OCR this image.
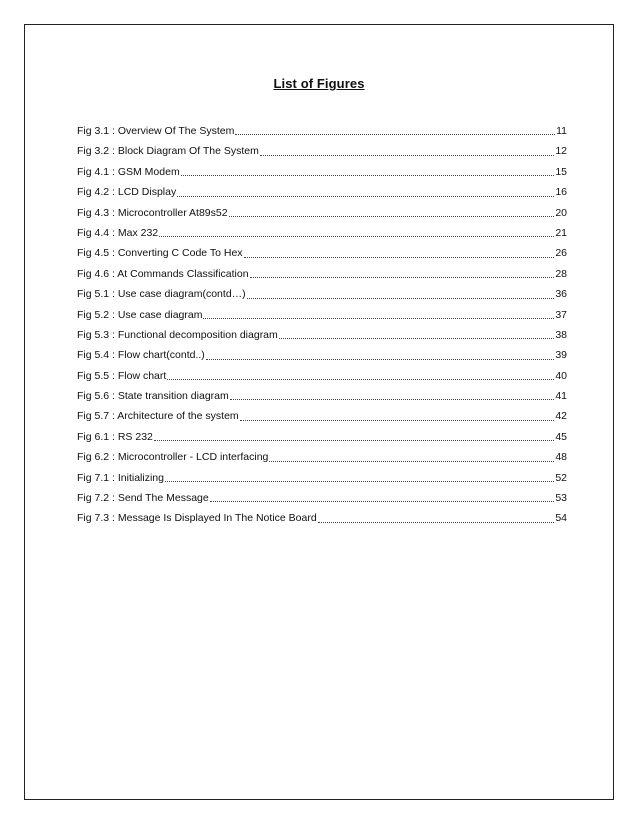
List of Figures
Fig 3.1 : Overview Of The System	11
Fig 3.2 : Block Diagram Of The System	12
Fig 4.1 : GSM Modem	15
Fig 4.2 : LCD Display	16
Fig 4.3 : Microcontroller At89s52	20
Fig 4.4 : Max 232	21
Fig 4.5 : Converting C Code To Hex	26
Fig 4.6 : At Commands Classification	28
Fig 5.1 : Use case diagram(contd…)	36
Fig 5.2 : Use case diagram	37
Fig 5.3 : Functional decomposition diagram	38
Fig 5.4 : Flow chart(contd..)	39
Fig 5.5 : Flow chart	40
Fig 5.6 : State transition diagram	41
Fig 5.7 : Architecture of the system	42
Fig 6.1 : RS 232	45
Fig 6.2 : Microcontroller - LCD interfacing	48
Fig 7.1 : Initializing	52
Fig 7.2 : Send The Message	53
Fig 7.3 : Message Is Displayed In The Notice Board	54
